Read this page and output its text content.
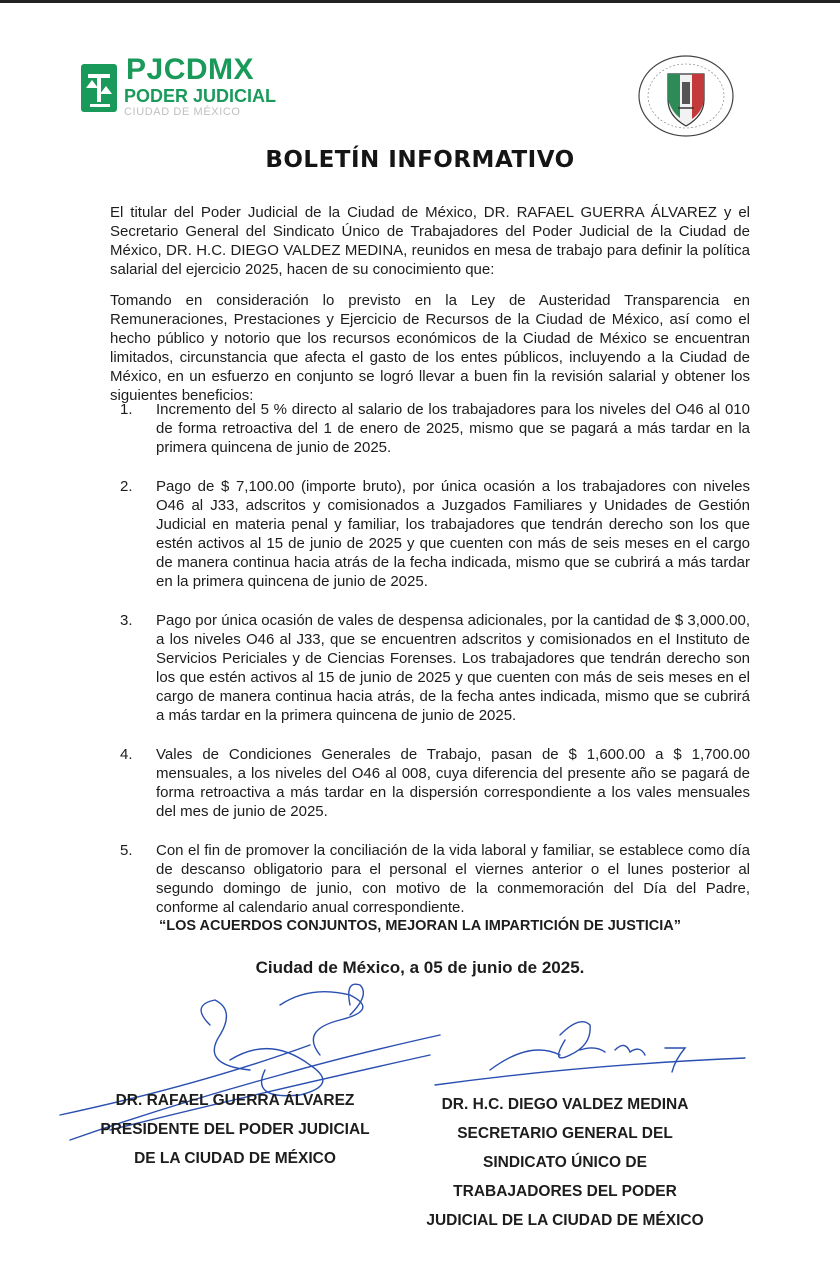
PJCDMX
PODER JUDICIAL
CIUDAD DE MÉXICO
BOLETÍN INFORMATIVO
El titular del Poder Judicial de la Ciudad de México, DR. RAFAEL GUERRA ÁLVAREZ y el Secretario General del Sindicato Único de Trabajadores del Poder Judicial de la Ciudad de México, DR. H.C. DIEGO VALDEZ MEDINA, reunidos en mesa de trabajo para definir la política salarial del ejercicio 2025, hacen de su conocimiento que:
Tomando en consideración lo previsto en la Ley de Austeridad Transparencia en Remuneraciones, Prestaciones y Ejercicio de Recursos de la Ciudad de México, así como el hecho público y notorio que los recursos económicos de la Ciudad de México se encuentran limitados, circunstancia que afecta el gasto de los entes públicos, incluyendo a la Ciudad de México, en un esfuerzo en conjunto se logró llevar a buen fin la revisión salarial y obtener los siguientes beneficios:
1. Incremento del 5 % directo al salario de los trabajadores para los niveles del O46 al 010 de forma retroactiva del 1 de enero de 2025, mismo que se pagará a más tardar en la primera quincena de junio de 2025.
2. Pago de $ 7,100.00 (importe bruto), por única ocasión a los trabajadores con niveles O46 al J33, adscritos y comisionados a Juzgados Familiares y Unidades de Gestión Judicial en materia penal y familiar, los trabajadores que tendrán derecho son los que estén activos al 15 de junio de 2025 y que cuenten con más de seis meses en el cargo de manera continua hacia atrás de la fecha indicada, mismo que se cubrirá a más tardar en la primera quincena de junio de 2025.
3. Pago por única ocasión de vales de despensa adicionales, por la cantidad de $ 3,000.00, a los niveles O46 al J33, que se encuentren adscritos y comisionados en el Instituto de Servicios Periciales y de Ciencias Forenses. Los trabajadores que tendrán derecho son los que estén activos al 15 de junio de 2025 y que cuenten con más de seis meses en el cargo de manera continua hacia atrás, de la fecha antes indicada, mismo que se cubrirá a más tardar en la primera quincena de junio de 2025.
4. Vales de Condiciones Generales de Trabajo, pasan de $ 1,600.00 a $ 1,700.00 mensuales, a los niveles del O46 al 008, cuya diferencia del presente año se pagará de forma retroactiva a más tardar en la dispersión correspondiente a los vales mensuales del mes de junio de 2025.
5. Con el fin de promover la conciliación de la vida laboral y familiar, se establece como día de descanso obligatorio para el personal el viernes anterior o el lunes posterior al segundo domingo de junio, con motivo de la conmemoración del Día del Padre, conforme al calendario anual correspondiente.
“LOS ACUERDOS CONJUNTOS, MEJORAN LA IMPARTICIÓN DE JUSTICIA”
Ciudad de México, a 05 de junio de 2025.
DR. RAFAEL GUERRA ÁLVAREZ
PRESIDENTE DEL PODER JUDICIAL
DE LA CIUDAD DE MÉXICO
DR. H.C. DIEGO VALDEZ MEDINA
SECRETARIO GENERAL DEL
SINDICATO ÚNICO DE
TRABAJADORES DEL PODER
JUDICIAL DE LA CIUDAD DE MÉXICO
